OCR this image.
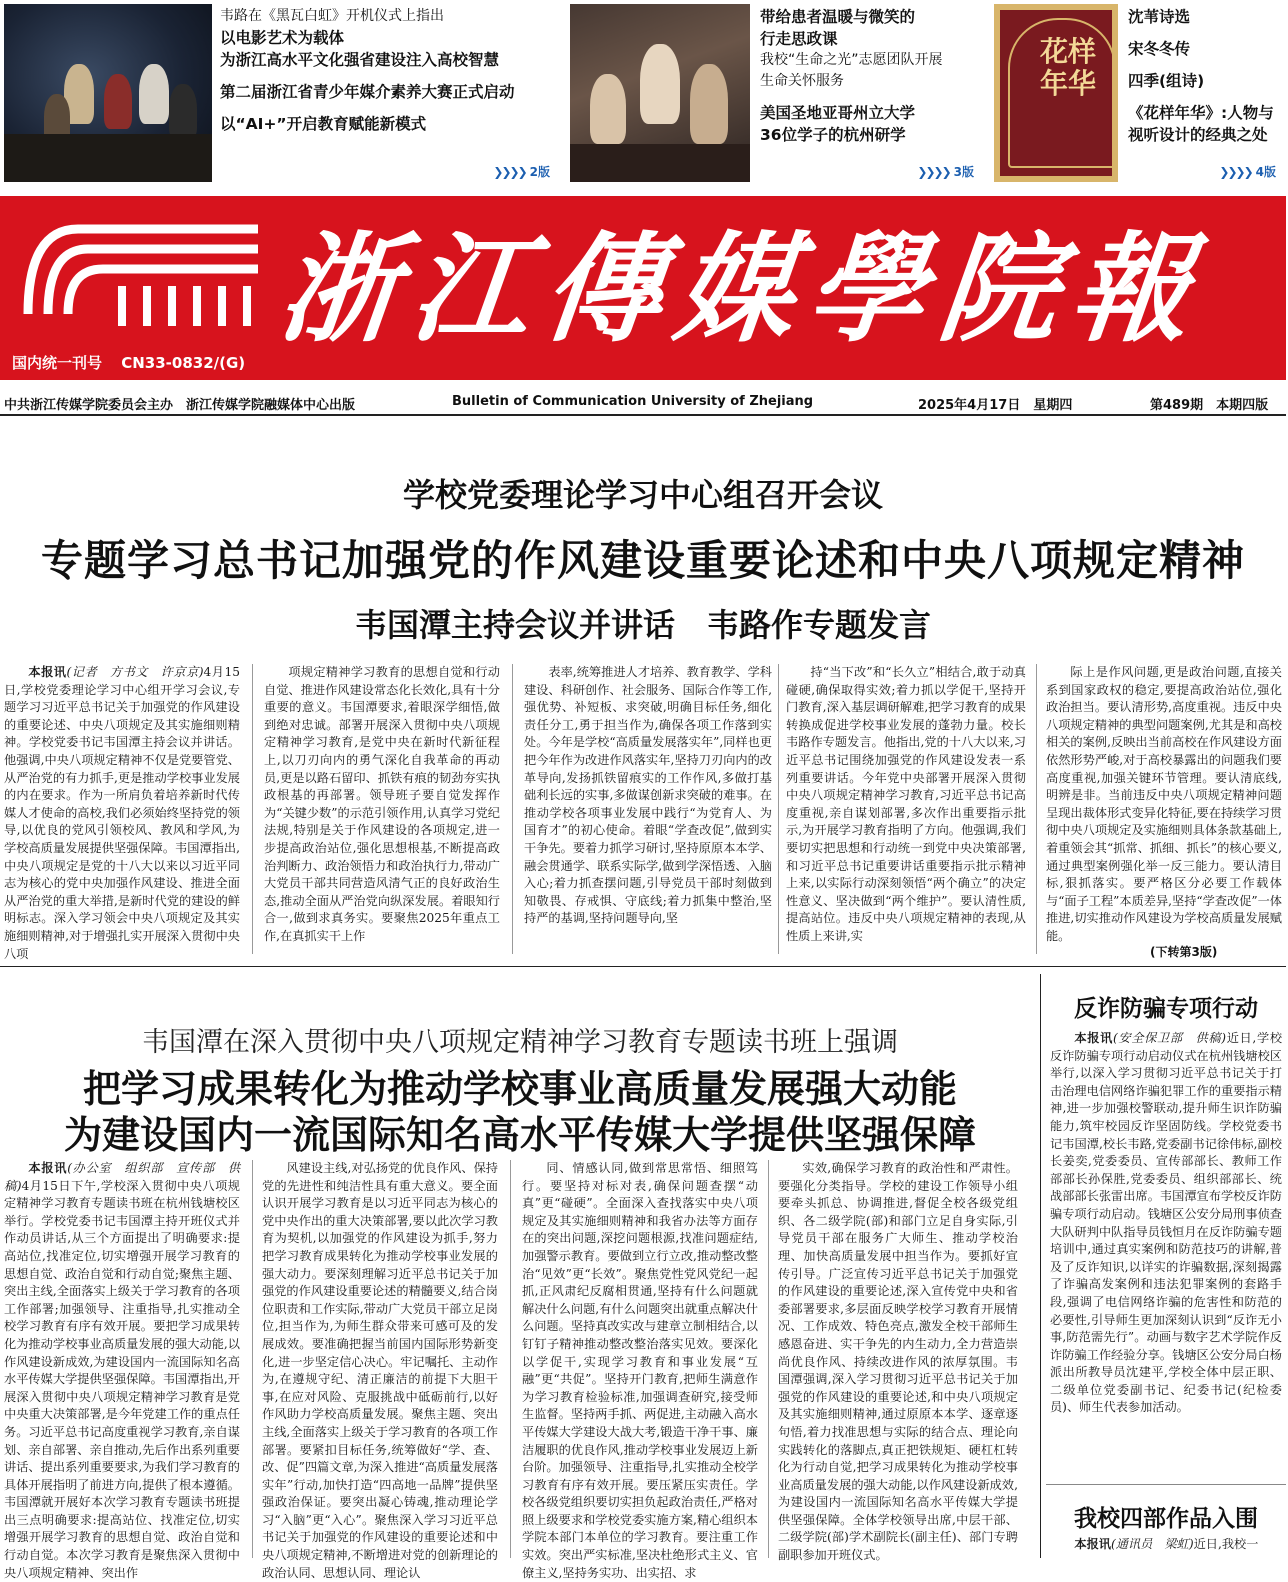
韦路在《黑瓦白虹》开机仪式上指出
以电影艺术为载体
为浙江高水平文化强省建设注入高校智慧
第二届浙江省青少年媒介素养大赛正式启动
以“AI+”开启教育赋能新模式
❯❯❯❯ 2版
带给患者温暖与微笑的
行走思政课
我校“生命之光”志愿团队开展
生命关怀服务
美国圣地亚哥州立大学
36位学子的杭州研学
❯❯❯❯ 3版
花样年华
沈苇诗选
宋冬冬传
四季(组诗)
《花样年华》:人物与
视听设计的经典之处
❯❯❯❯ 4版
浙江傳媒學院報
国内统一刊号 CN33-0832/(G)
中共浙江传媒学院委员会主办　浙江传媒学院融媒体中心出版	Bulletin of Communication University of Zhejiang	2025年4月17日　星期四	第489期　本期四版
学校党委理论学习中心组召开会议
专题学习总书记加强党的作风建设重要论述和中央八项规定精神
韦国潭主持会议并讲话　韦路作专题发言

本报讯(记者　方书文　许京京)4月15日,学校党委理论学习中心组开学习会议,专题学习习近平总书记关于加强党的作风建设的重要论述、中央八项规定及其实施细则精神。学校党委书记韦国潭主持会议并讲话。他强调,中央八项规定精神不仅是党要管党、从严治党的有力抓手,更是推动学校事业发展的内在要求。作为一所肩负着培养新时代传媒人才使命的高校,我们必须始终坚持党的领导,以优良的党风引领校风、教风和学风,为学校高质量发展提供坚强保障。韦国潭指出,中央八项规定是党的十八大以来以习近平同志为核心的党中央加强作风建设、推进全面从严治党的重大举措,是新时代党的建设的鲜明标志。深入学习领会中央八项规定及其实施细则精神,对于增强扎实开展深入贯彻中央八项

项规定精神学习教育的思想自觉和行动自觉、推进作风建设常态化长效化,具有十分重要的意义。韦国潭要求,着眼深学细悟,做到绝对忠诚。部署开展深入贯彻中央八项规定精神学习教育,是党中央在新时代新征程上,以刀刃向内的勇气深化自我革命的再动员,更是以路石留印、抓铁有痕的韧劲夯实执政根基的再部署。领导班子要自觉发挥作为“关键少数”的示范引领作用,认真学习党纪法规,特别是关于作风建设的各项规定,进一步提高政治站位,强化思想根基,不断提高政治判断力、政治领悟力和政治执行力,带动广大党员干部共同营造风清气正的良好政治生态,推动全面从严治党向纵深发展。着眼知行合一,做到求真务实。要聚焦2025年重点工作,在真抓实干上作

表率,统筹推进人才培养、教育教学、学科建设、科研创作、社会服务、国际合作等工作,强优势、补短板、求突破,明确目标任务,细化责任分工,勇于担当作为,确保各项工作落到实处。今年是学校“高质量发展落实年”,同样也更把今年作为改进作风落实年,坚持刀刃向内的改革导向,发扬抓铁留痕实的工作作风,多做打基础利长远的实事,多做谋创新求突破的难事。在推动学校各项事业发展中践行“为党育人、为国育才”的初心使命。着眼“学查改促”,做到实干争先。要着力抓学习研讨,坚持原原本本学、融会贯通学、联系实际学,做到学深悟透、入脑入心;着力抓查摆问题,引导党员干部时刻做到知敬畏、存戒惧、守底线;着力抓集中整治,坚持严的基调,坚持问题导向,坚

持“当下改”和“长久立”相结合,敢于动真碰硬,确保取得实效;着力抓以学促干,坚持开门教育,深入基层调研解难,把学习教育的成果转换成促进学校事业发展的蓬勃力量。校长韦路作专题发言。他指出,党的十八大以来,习近平总书记围绕加强党的作风建设发表一系列重要讲话。今年党中央部署开展深入贯彻中央八项规定精神学习教育,习近平总书记高度重视,亲自谋划部署,多次作出重要指示批示,为开展学习教育指明了方向。他强调,我们要切实把思想和行动统一到党中央决策部署,和习近平总书记重要讲话重要指示批示精神上来,以实际行动深刻领悟“两个确立”的决定性意义、坚决做到“两个维护”。要认清性质,提高站位。违反中央八项规定精神的表现,从性质上来讲,实

际上是作风问题,更是政治问题,直接关系到国家政权的稳定,要提高政治站位,强化政治担当。要认清形势,高度重视。违反中央八项规定精神的典型问题案例,尤其是和高校相关的案例,反映出当前高校在作风建设方面依然形势严峻,对于高校暴露出的问题我们要高度重视,加强关键环节管理。要认清底线,明辨是非。当前违反中央八项规定精神问题呈现出裁体形式变异化特征,要在持续学习贯彻中央八项规定及实施细则具体条款基础上,着重领会其“抓常、抓细、抓长”的核心要义,通过典型案例强化举一反三能力。要认清目标,狠抓落实。要严格区分必要工作载体与“面子工程”本质差异,坚持“学查改促”一体推进,切实推动作风建设为学校高质量发展赋能。

(下转第3版)
韦国潭在深入贯彻中央八项规定精神学习教育专题读书班上强调
把学习成果转化为推动学校事业高质量发展强大动能
为建设国内一流国际知名高水平传媒大学提供坚强保障

本报讯(办公室　组织部　宣传部　供稿)4月15日下午,学校深入贯彻中央八项规定精神学习教育专题读书班在杭州钱塘校区举行。学校党委书记韦国潭主持开班仪式并作动员讲话,从三个方面提出了明确要求:提高站位,找准定位,切实增强开展学习教育的思想自觉、政治自觉和行动自觉;聚焦主题、突出主线,全面落实上级关于学习教育的各项工作部署;加强领导、注重指导,扎实推动全校学习教育有序有效开展。要把学习成果转化为推动学校事业高质量发展的强大动能,以作风建设新成效,为建设国内一流国际知名高水平传媒大学提供坚强保障。韦国潭指出,开展深入贯彻中央八项规定精神学习教育是党中央重大决策部署,是今年党建工作的重点任务。习近平总书记高度重视学习教育,亲自谋划、亲自部署、亲自推动,先后作出系列重要讲话、提出系列重要要求,为我们学习教育的具体开展指明了前进方向,提供了根本遵循。韦国潭就开展好本次学习教育专题读书班提出三点明确要求:提高站位、找准定位,切实增强开展学习教育的思想自觉、政治自觉和行动自觉。本次学习教育是聚焦深入贯彻中央八项规定精神、突出作

风建设主线,对弘扬党的优良作风、保持党的先进性和纯洁性具有重大意义。要全面认识开展学习教育是以习近平同志为核心的党中央作出的重大决策部署,要以此次学习教育为契机,以加强党的作风建设为抓手,努力把学习教育成果转化为推动学校事业发展的强大动力。要深刻理解习近平总书记关于加强党的作风建设重要论述的精髓要义,结合岗位职责和工作实际,带动广大党员干部立足岗位,担当作为,为师生群众带来可感可及的发展成效。要准确把握当前国内国际形势新变化,进一步坚定信心决心。牢记嘱托、主动作为,在遵规守纪、清正廉洁的前提下大胆干事,在应对风险、克服挑战中砥砺前行,以好作风助力学校高质量发展。聚焦主题、突出主线,全面落实上级关于学习教育的各项工作部署。要紧扣目标任务,统筹做好“学、查、改、促”四篇文章,为深入推进“高质量发展落实年”行动,加快打造“四高地一品牌”提供坚强政治保证。要突出凝心铸魂,推动理论学习“入脑”更“入心”。聚焦深入学习习近平总书记关于加强党的作风建设的重要论述和中央八项规定精神,不断增进对党的创新理论的政治认同、思想认同、理论认

同、情感认同,做到常思常悟、细照笃行。要坚持对标对表,确保问题查摆“动真”更“碰硬”。全面深入查找落实中央八项规定及其实施细则精神和我省办法等方面存在的突出问题,深挖问题根源,找准问题症结,加强警示教育。要做到立行立改,推动整改整治“见效”更“长效”。聚焦党性党风党纪一起抓,正风肃纪反腐相贯通,坚持有什么问题就解决什么问题,有什么问题突出就重点解决什么问题。坚持真改实改与建章立制相结合,以钉钉子精神推动整改整治落实见效。要深化以学促干,实现学习教育和事业发展“互融”更“共促”。坚持开门教育,把师生满意作为学习教育检验标准,加强调查研究,接受师生监督。坚持两手抓、两促进,主动融入高水平传媒大学建设大战大考,锻造干净干事、廉洁履职的优良作风,推动学校事业发展迈上新台阶。加强领导、注重指导,扎实推动全校学习教育有序有效开展。要压紧压实责任。学校各级党组织要切实担负起政治责任,严格对照上级要求和学校党委实施方案,精心组织本学院本部门本单位的学习教育。要注重工作实效。突出严实标准,坚决杜绝形式主义、官僚主义,坚持务实功、出实招、求

实效,确保学习教育的政治性和严肃性。要强化分类指导。学校的建设工作领导小组要牵头抓总、协调推进,督促全校各级党组织、各二级学院(部)和部门立足自身实际,引导党员干部在服务广大师生、推动学校治理、加快高质量发展中担当作为。要抓好宣传引导。广泛宣传习近平总书记关于加强党的作风建设的重要论述,深入宣传党中央和省委部署要求,多层面反映学校学习教育开展情况、工作成效、特色亮点,激发全校干部师生感恩奋进、实干争先的内生动力,全力营造崇尚优良作风、持续改进作风的浓厚氛围。韦国潭强调,深入学习贯彻习近平总书记关于加强党的作风建设的重要论述,和中央八项规定及其实施细则精神,通过原原本本学、逐章逐句悟,着力找准思想与实际的结合点、理论向实践转化的落脚点,真正把铁规矩、硬杠杠转化为行动自觉,把学习成果转化为推动学校事业高质量发展的强大动能,以作风建设新成效,为建设国内一流国际知名高水平传媒大学提供坚强保障。全体学校领导出席,中层干部、二级学院(部)学术副院长(副主任)、部门专聘副职参加开班仪式。

反诈防骗专项行动

本报讯(安全保卫部　供稿)近日,学校反诈防骗专项行动启动仪式在杭州钱塘校区举行,以深入学习贯彻习近平总书记关于打击治理电信网络诈骗犯罪工作的重要指示精神,进一步加强校警联动,提升师生识诈防骗能力,筑牢校园反诈坚固防线。学校党委书记韦国潭,校长韦路,党委副书记徐伟标,副校长姜奕,党委委员、宣传部部长、教师工作部部长孙保胜,党委委员、组织部部长、统战部部长张雷出席。韦国潭宣布学校反诈防骗专项行动启动。钱塘区公安分局刑事侦查大队研判中队指导员钱恒月在反诈防骗专题培训中,通过真实案例和防范技巧的讲解,普及了反诈知识,以详实的诈骗数据,深刻揭露了诈骗高发案例和违法犯罪案例的套路手段,强调了电信网络诈骗的危害性和防范的必要性,引导师生更加深刻认识到“反诈无小事,防范需先行”。动画与数字艺术学院作反诈防骗工作经验分享。钱塘区公安分局白杨派出所教导员沈建平,学校全体中层正职、二级单位党委副书记、纪委书记(纪检委员)、师生代表参加活动。

我校四部作品入围

本报讯(通讯员　梁虹)近日,我校一
